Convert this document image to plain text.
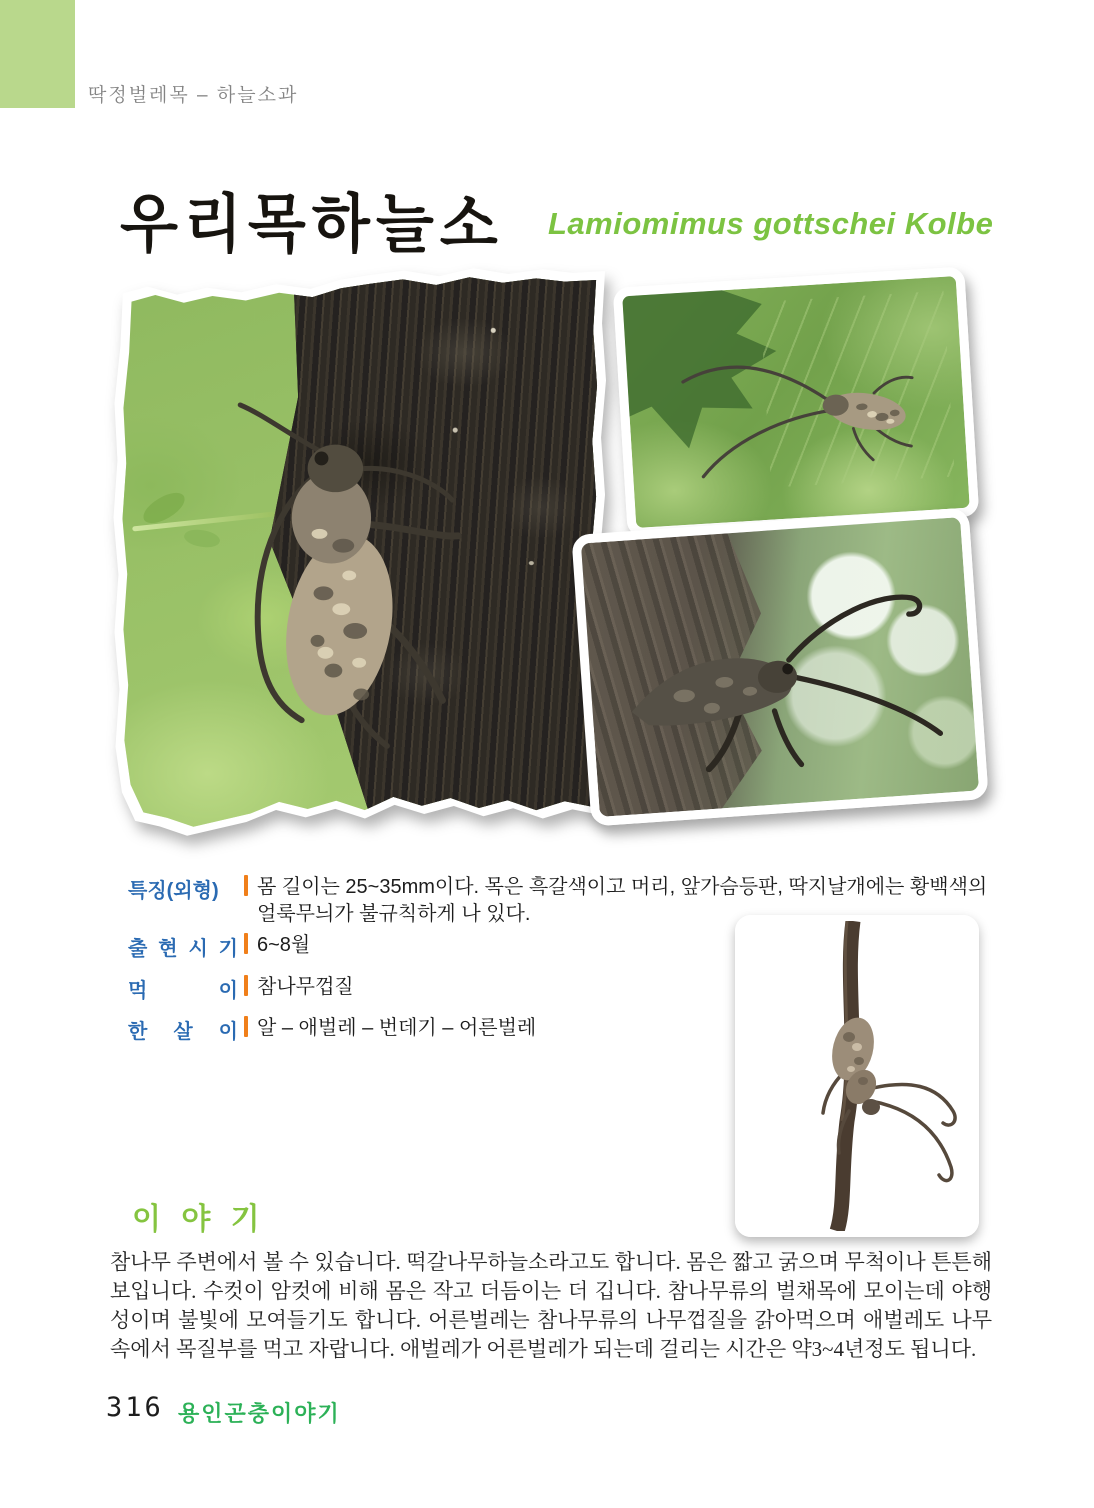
딱정벌레목 – 하늘소과
우리목하늘소 Lamiomimus gottschei Kolbe
특징(외형)	몸 길이는 25~35mm이다. 목은 흑갈색이고 머리, 앞가슴등판, 딱지날개에는 황백색의 얼룩무늬가 불규칙하게 나 있다.
출 현 시 기 6~8월
먹 이 참나무껍질
한 살 이 알 – 애벌레 – 번데기 – 어른벌레
이 야 기
참나무 주변에서 볼 수 있습니다. 떡갈나무하늘소라고도 합니다. 몸은 짧고 굵으며 무척이나 튼튼해보입니다. 수컷이 암컷에 비해 몸은 작고 더듬이는 더 깁니다. 참나무류의 벌채목에 모이는데 야행성이며 불빛에 모여들기도 합니다. 어른벌레는 참나무류의 나무껍질을 갉아먹으며 애벌레도 나무속에서 목질부를 먹고 자랍니다. 애벌레가 어른벌레가 되는데 걸리는 시간은 약3~4년정도 됩니다.
316 용인곤충이야기
